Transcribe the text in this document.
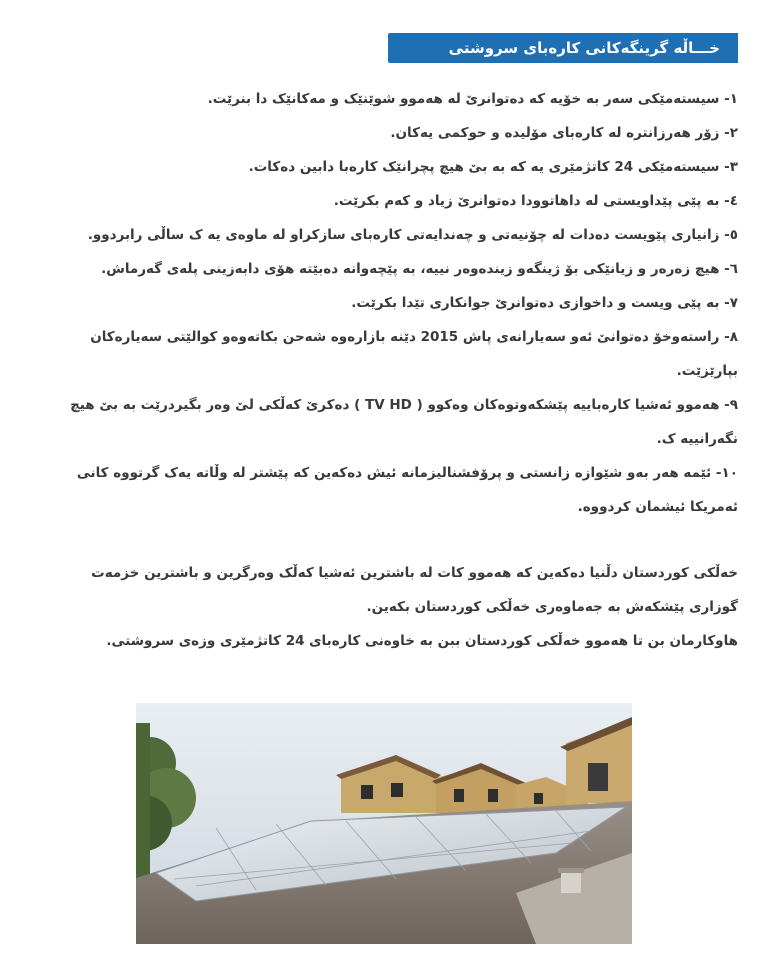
خـــاڵە گرینگەکانی کارەبای سروشتی

١- سیستەمێکی سەر بە خۆیە کە دەتوانرێ لە هەموو شوێنێک و مەکانێک دا بنرێت.

٢- زۆر هەرزانترە لە کارەبای مۆلیدە و حوکمی یەکان.

٣- سیستەمێکی 24 کاتژمێری یە کە بە بێ هیچ پچرانێک کارەبا دابین دەکات.

٤- بە پێی پێداویستی لە داهاتوودا دەتوانرێ زیاد و کەم بکرێت.

٥- زانیاری پێویست دەدات لە چۆنیەتی و چەندایەتی کارەبای سازکراو لە ماوەی یە ک ساڵی رابردوو.

٦- هیچ زەرەر و زیانێکی بۆ ژینگەو زیندەوەر نییە، بە پێچەوانە دەبێتە هۆی دابەزینی پلەی گەرماش.

٧- بە پێی ویست و داخوازی دەتوانرێ جوانکاری تێدا بکرێت.

٨- راستەوخۆ دەتوانێ ئەو سەیارانەی پاش 2015 دێنە بازارەوە شەحن بکاتەوەو کوالێتی سەیارەکان بپارێزێت.

٩- هەموو ئەشیا کارەباییە پێشکەوتوەکان وەکوو ( TV HD ) دەکرێ کەڵکی لێ وەر بگیردرێت بە بێ هیچ نگەرانییە ک.

١٠- ئێمە هەر بەو شێوازە زانستی و پرۆفشنالیزمانە ئیش دەکەین کە پێشتر لە وڵاتە یەک گرتووە کانی ئەمریکا ئیشمان کردووە.

خەڵکی کوردستان دڵنیا دەکەین کە هەموو کات لە باشترین ئەشیا کەڵک وەرگرین و باشترین خزمەت گوزاری پێشکەش بە جەماوەری خەڵکی کوردستان بکەین.

هاوکارمان بن تا هەموو خەڵکی کوردستان ببن بە خاوەنی کارەبای 24 کاتژمێری وزەی سروشتی.
